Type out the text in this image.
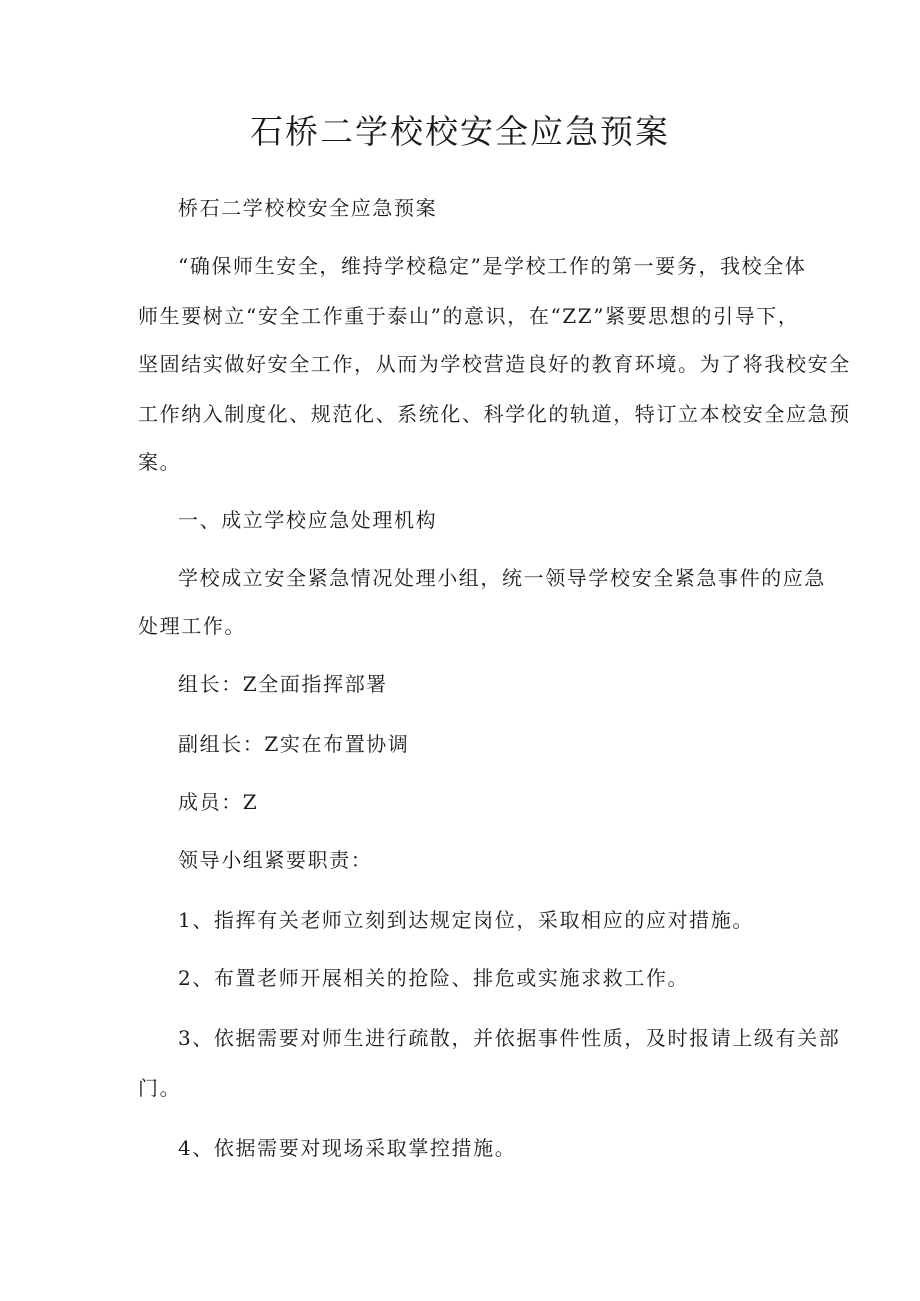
石桥二学校校安全应急预案

桥石二学校校安全应急预案

“确保师生安全，维持学校稳定”是学校工作的第一要务，我校全体

师生要树立“安全工作重于泰山”的意识，在“ZZ”紧要思想的引导下，

坚固结实做好安全工作，从而为学校营造良好的教育环境。为了将我校安全

工作纳入制度化、规范化、系统化、科学化的轨道，特订立本校安全应急预

案。

一、成立学校应急处理机构

学校成立安全紧急情况处理小组，统一领导学校安全紧急事件的应急

处理工作。

组长：Z全面指挥部署

副组长：Z实在布置协调

成员：Z

领导小组紧要职责：

1、指挥有关老师立刻到达规定岗位，采取相应的应对措施。

2、布置老师开展相关的抢险、排危或实施求救工作。

3、依据需要对师生进行疏散，并依据事件性质，及时报请上级有关部

门。

4、依据需要对现场采取掌控措施。
